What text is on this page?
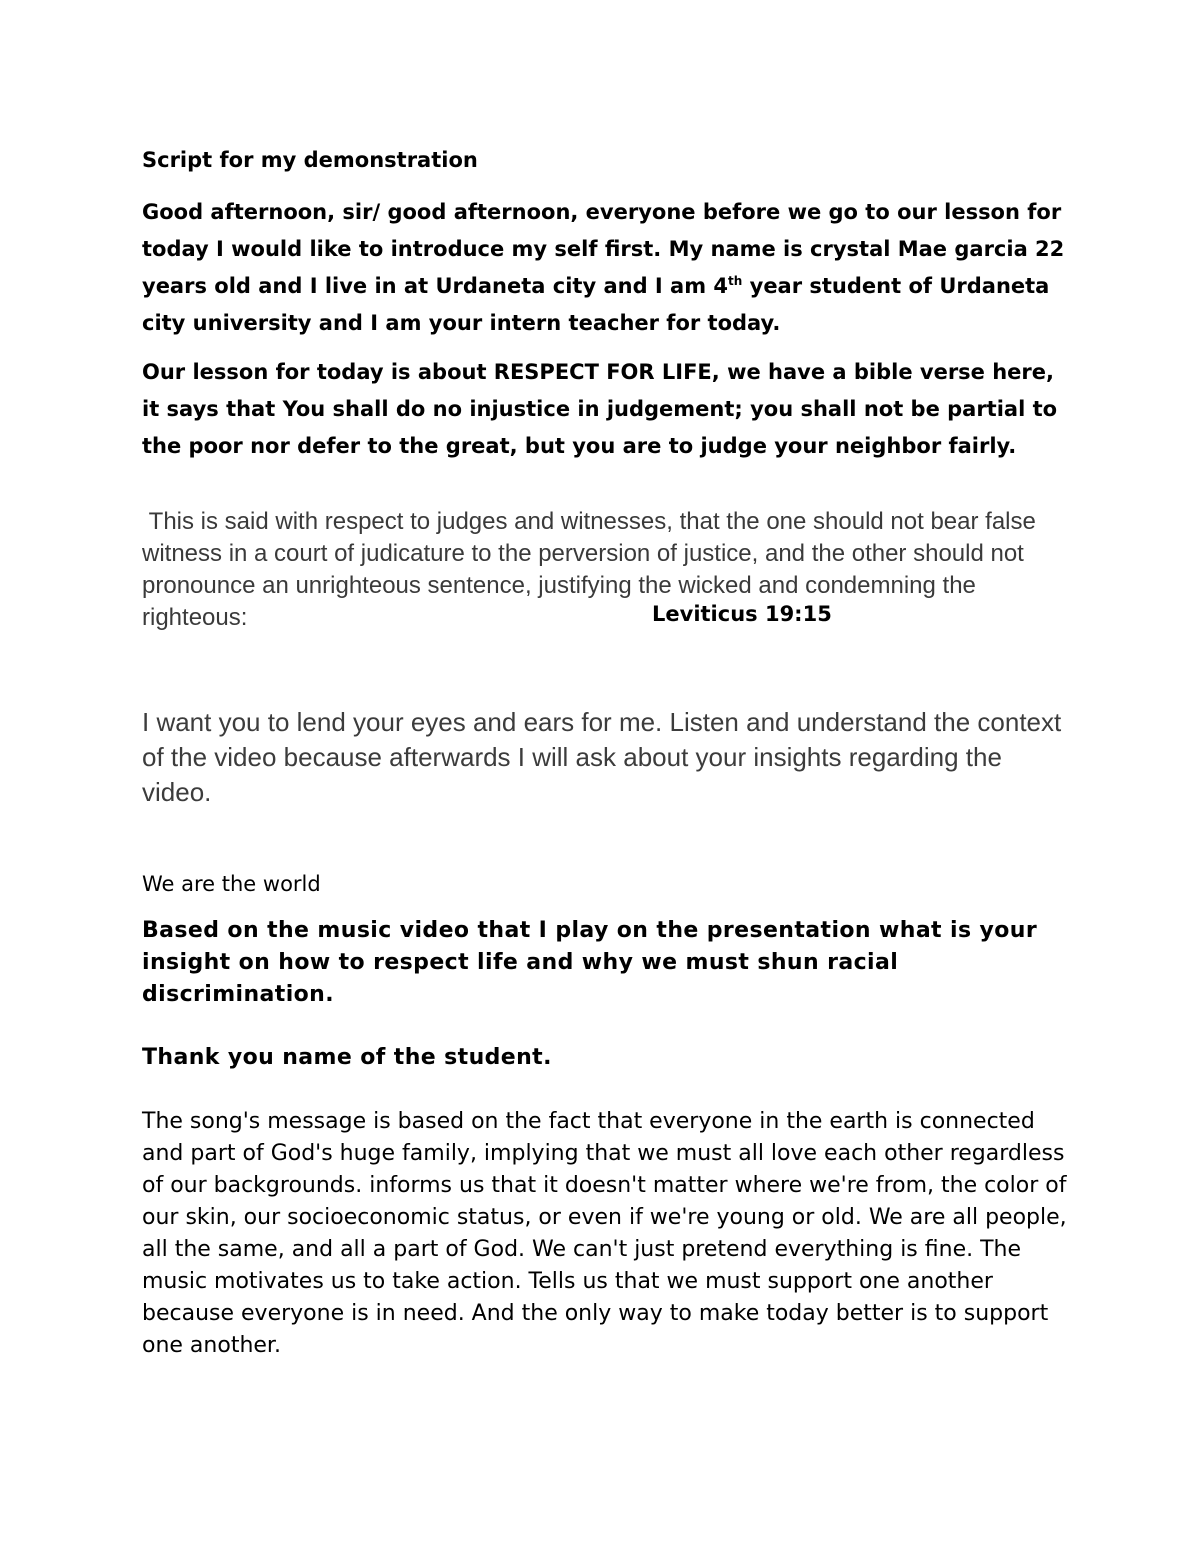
Script for my demonstration

Good afternoon, sir/ good afternoon, everyone before we go to our lesson for today I would like to introduce my self first. My name is crystal Mae garcia 22 years old and I live in at Urdaneta city and I am 4th year student of Urdaneta city university and I am your intern teacher for today.

Our lesson for today is about RESPECT FOR LIFE, we have a bible verse here, it says that You shall do no injustice in judgement; you shall not be partial to the poor nor defer to the great, but you are to judge your neighbor fairly.

This is said with respect to judges and witnesses, that the one should not bear false witness in a court of judicature to the perversion of justice, and the other should not pronounce an unrighteous sentence, justifying the wicked and condemning the righteous:	Leviticus 19:15

I want you to lend your eyes and ears for me. Listen and understand the context of the video because afterwards I will ask about your insights regarding the video.

We are the world

Based on the music video that I play on the presentation what is your insight on how to respect life and why we must shun racial discrimination.

Thank you name of the student.

The song's message is based on the fact that everyone in the earth is connected and part of God's huge family, implying that we must all love each other regardless of our backgrounds. informs us that it doesn't matter where we're from, the color of our skin, our socioeconomic status, or even if we're young or old. We are all people, all the same, and all a part of God. We can't just pretend everything is fine. The music motivates us to take action. Tells us that we must support one another because everyone is in need. And the only way to make today better is to support one another.
